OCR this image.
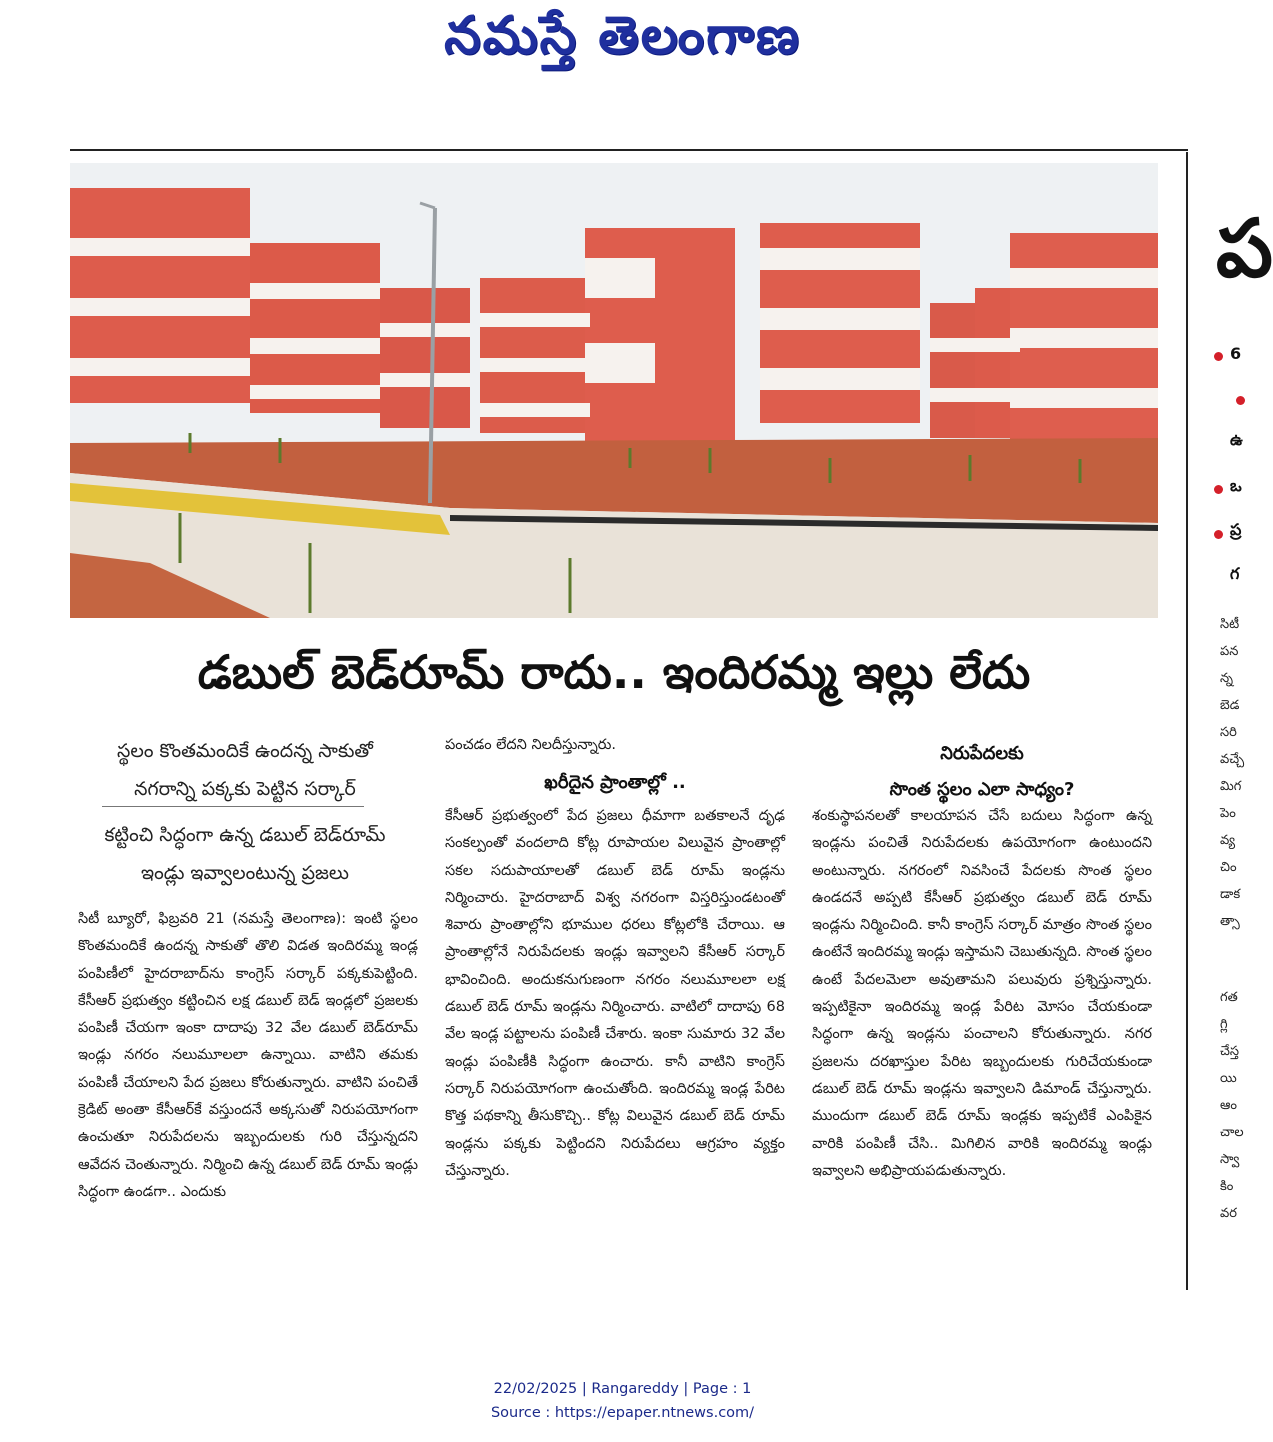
నమస్తే తెలంగాణ
డబుల్ బెడ్‌రూమ్ రాదు.. ఇందిరమ్మ ఇల్లు లేదు
స్థలం కొంతమందికే ఉందన్న సాకుతో
నగరాన్ని పక్కకు పెట్టిన సర్కార్
కట్టించి సిద్ధంగా ఉన్న డబుల్ బెడ్‌రూమ్
ఇండ్లు ఇవ్వాలంటున్న ప్రజలు

సిటీ బ్యూరో, ఫిబ్రవరి 21 (నమస్తే తెలంగాణ): ఇంటి స్థలం కొంతమందికే ఉందన్న సాకుతో తొలి విడత ఇందిరమ్మ ఇండ్ల పంపిణీలో హైదరాబాద్‌ను కాంగ్రెస్ సర్కార్ పక్కకుపెట్టింది. కేసీఆర్ ప్రభుత్వం కట్టించిన లక్ష డబుల్ బెడ్ ఇండ్లలో ప్రజలకు పంపిణీ చేయగా ఇంకా దాదాపు 32 వేల డబుల్ బెడ్‌రూమ్ ఇండ్లు నగరం నలుమూలలా ఉన్నాయి. వాటిని తమకు పంపిణీ చేయాలని పేద ప్రజలు కోరుతున్నారు. వాటిని పంచితే క్రెడిట్ అంతా కేసీఆర్‌కే వస్తుందనే అక్కసుతో నిరుపయోగంగా ఉంచుతూ నిరుపేదలను ఇబ్బందులకు గురి చేస్తున్నదని ఆవేదన చెంతున్నారు. నిర్మించి ఉన్న డబుల్ బెడ్ రూమ్ ఇండ్లు సిద్ధంగా ఉండగా.. ఎందుకు

పంచడం లేదని నిలదీస్తున్నారు.

ఖరీదైన ప్రాంతాల్లో ..

కేసీఆర్ ప్రభుత్వంలో పేద ప్రజలు ధీమాగా బతకాలనే దృఢ సంకల్పంతో వందలాది కోట్ల రూపాయల విలువైన ప్రాంతాల్లో సకల సదుపాయాలతో డబుల్ బెడ్ రూమ్ ఇండ్లను నిర్మించారు. హైదరాబాద్ విశ్వ నగరంగా విస్తరిస్తుండటంతో శివారు ప్రాంతాల్లోని భూముల ధరలు కోట్లలోకి చేరాయి. ఆ ప్రాంతాల్లోనే నిరుపేదలకు ఇండ్లు ఇవ్వాలని కేసీఆర్ సర్కార్ భావించింది. అందుకనుగుణంగా నగరం నలుమూలలా లక్ష డబుల్ బెడ్ రూమ్ ఇండ్లను నిర్మించారు. వాటిలో దాదాపు 68 వేల ఇండ్ల పట్టాలను పంపిణీ చేశారు. ఇంకా సుమారు 32 వేల ఇండ్లు పంపిణీకి సిద్ధంగా ఉంచారు. కానీ వాటిని కాంగ్రెస్ సర్కార్ నిరుపయోగంగా ఉంచుతోంది. ఇందిరమ్మ ఇండ్ల పేరిట కొత్త పథకాన్ని తీసుకొచ్చి.. కోట్ల విలువైన డబుల్ బెడ్ రూమ్ ఇండ్లను పక్కకు పెట్టిందని నిరుపేదలు ఆగ్రహం వ్యక్తం చేస్తున్నారు.

నిరుపేదలకు
సొంత స్థలం ఎలా సాధ్యం?

శంకుస్థాపనలతో కాలయాపన చేసే బదులు సిద్ధంగా ఉన్న ఇండ్లను పంచితే నిరుపేదలకు ఉపయోగంగా ఉంటుందని అంటున్నారు. నగరంలో నివసించే పేదలకు సొంత స్థలం ఉండదనే అప్పటి కేసీఆర్ ప్రభుత్వం డబుల్ బెడ్ రూమ్ ఇండ్లను నిర్మించింది. కానీ కాంగ్రెస్ సర్కార్ మాత్రం సొంత స్థలం ఉంటేనే ఇందిరమ్మ ఇండ్లు ఇస్తామని చెబుతున్నది. సొంత స్థలం ఉంటే పేదలమెలా అవుతామని పలువురు ప్రశ్నిస్తున్నారు. ఇప్పటికైనా ఇందిరమ్మ ఇండ్ల పేరిట మోసం చేయకుండా సిద్ధంగా ఉన్న ఇండ్లను పంచాలని కోరుతున్నారు. నగర ప్రజలను దరఖాస్తుల పేరిట ఇబ్బందులకు గురిచేయకుండా డబుల్ బెడ్ రూమ్ ఇండ్లను ఇవ్వాలని డిమాండ్ చేస్తున్నారు. ముందుగా డబుల్ బెడ్ రూమ్ ఇండ్లకు ఇప్పటికే ఎంపికైన వారికి పంపిణీ చేసి.. మిగిలిన వారికి ఇందిరమ్మ ఇండ్లు ఇవ్వాలని అభిప్రాయపడుతున్నారు.

ప
6
ఉ
ఒ
ప్ర
గ
సిటీ
పన
న్న
బెడ
సరి
వచ్చే
మిగ
పెం
వ్య
చిం
డాక
త్సా
గత
గ్లి
చేస్త
యి
ఆం
చాల
స్వా
కిం
వర
22/02/2025 | Rangareddy | Page : 1
Source : https://epaper.ntnews.com/
